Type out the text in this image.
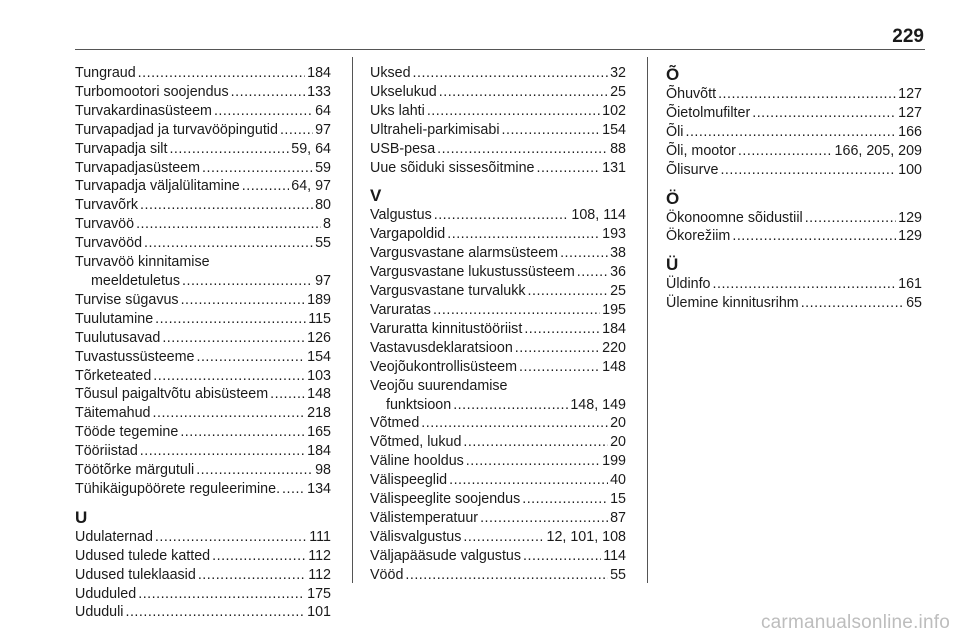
229
Tungraud .....	184
Turbomootori soojendus .....	133
Turvakardinasüsteem .....	64
Turvapadjad ja turvavööpingutid .....	97
Turvapadja silt .....	59, 64
Turvapadjasüsteem .....	59
Turvapadja väljalülitamine .....	64, 97
Turvavõrk .....	80
Turvavöö .....	8
Turvavööd .....	55
Turvavöö kinnitamise
meeldetuletus .....	97
Turvise sügavus .....	189
Tuulutamine .....	115
Tuulutusavad .....	126
Tuvastussüsteeme .....	154
Tõrketeated .....	103
Tõusul paigaltvõtu abisüsteem .....	148
Täitemahud .....	218
Tööde tegemine .....	165
Tööriistad .....	184
Töötõrke märgutuli .....	98
Tühikäigupöörete reguleerimine. ..... 134
U
Udulaternad .....	111
Udused tulede katted .....	112
Udused tuleklaasid .....	112
Ududuled .....	175
Ududuli .....	101
Uksed .....	32
Ukselukud .....	25
Uks lahti .....	102
Ultraheli-parkimisabi .....	154
USB-pesa .....	88
Uue sõiduki sissesõitmine .....	131
V
Valgustus .....	108, 114
Vargapoldid .....	193
Vargusvastane alarmsüsteem .....	38
Vargusvastane lukustussüsteem ..... 36
Vargusvastane turvalukk .....	25
Varuratas .....	195
Varuratta kinnitustööriist .....	184
Vastavusdeklaratsioon .....	220
Veojõukontrollisüsteem .....	148
Veojõu suurendamise
funktsioon .....	148, 149
Võtmed .....	20
Võtmed, lukud .....	20
Väline hooldus .....	199
Välispeeglid .....	40
Välispeeglite soojendus .....	15
Välistemperatuur .....	87
Välisvalgustus .....	12, 101, 108
Väljapääsude valgustus .....	114
Vööd .....	55
Õ
Õhuvõtt .....	127
Õietolmufilter .....	127
Õli .....	166
Õli, mootor .....	166, 205, 209
Õlisurve .....	100
Ö
Ökonoomne sõidustiil .....	129
Ökorežiim .....	129
Ü
Üldinfo .....	161
Ülemine kinnitusrihm .....	65
carmanualsonline.info
